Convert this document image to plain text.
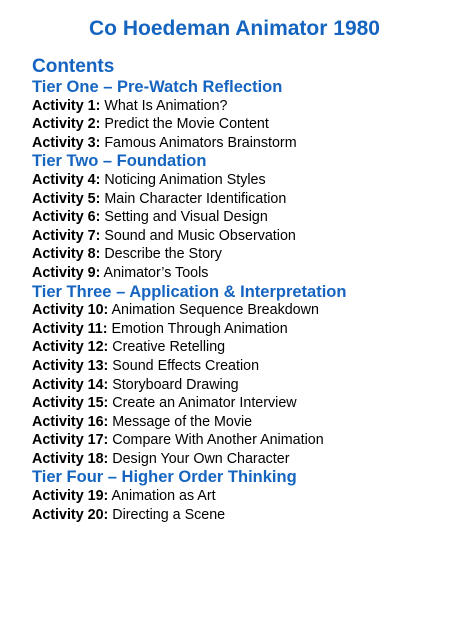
Co Hoedeman Animator 1980
Contents
Tier One – Pre-Watch Reflection
Activity 1: What Is Animation?
Activity 2: Predict the Movie Content
Activity 3: Famous Animators Brainstorm
Tier Two – Foundation
Activity 4: Noticing Animation Styles
Activity 5: Main Character Identification
Activity 6: Setting and Visual Design
Activity 7: Sound and Music Observation
Activity 8: Describe the Story
Activity 9: Animator’s Tools
Tier Three – Application & Interpretation
Activity 10: Animation Sequence Breakdown
Activity 11: Emotion Through Animation
Activity 12: Creative Retelling
Activity 13: Sound Effects Creation
Activity 14: Storyboard Drawing
Activity 15: Create an Animator Interview
Activity 16: Message of the Movie
Activity 17: Compare With Another Animation
Activity 18: Design Your Own Character
Tier Four – Higher Order Thinking
Activity 19: Animation as Art
Activity 20: Directing a Scene
